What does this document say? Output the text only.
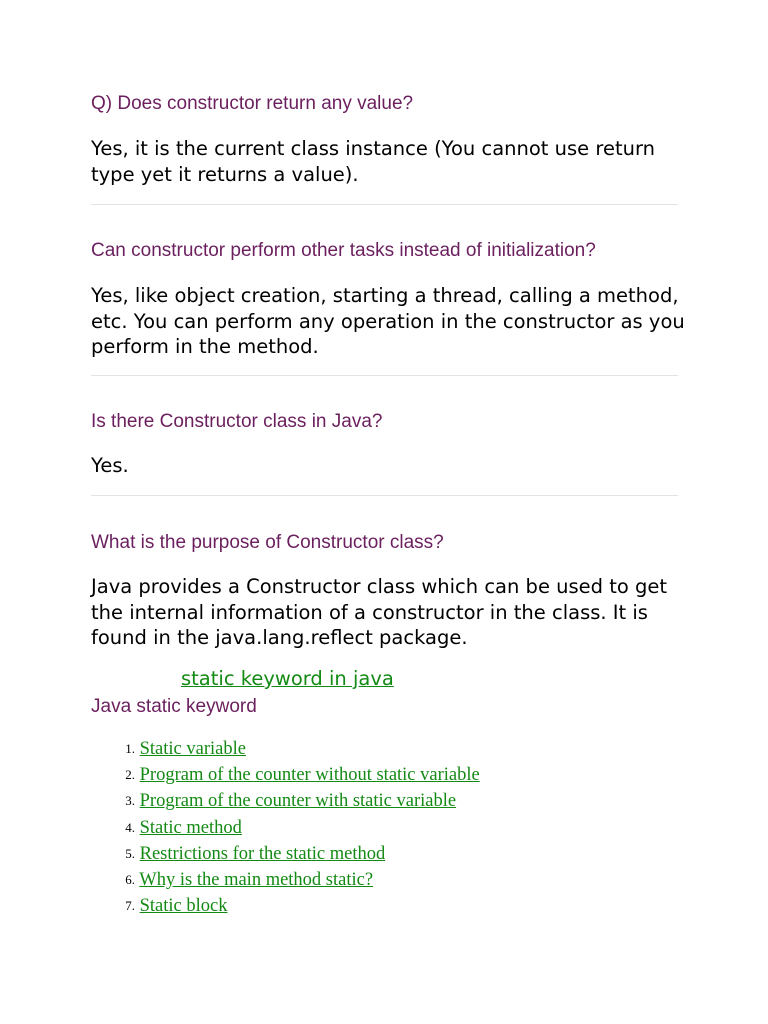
Q) Does constructor return any value?

Yes, it is the current class instance (You cannot use return type yet it returns a value).

Can constructor perform other tasks instead of initialization?

Yes, like object creation, starting a thread, calling a method, etc. You can perform any operation in the constructor as you perform in the method.

Is there Constructor class in Java?

Yes.

What is the purpose of Constructor class?

Java provides a Constructor class which can be used to get the internal information of a constructor in the class. It is found in the java.lang.reflect package.

static keyword in java
Java static keyword
1. Static variable
2. Program of the counter without static variable
3. Program of the counter with static variable
4. Static method
5. Restrictions for the static method
6. Why is the main method static?
7. Static block
